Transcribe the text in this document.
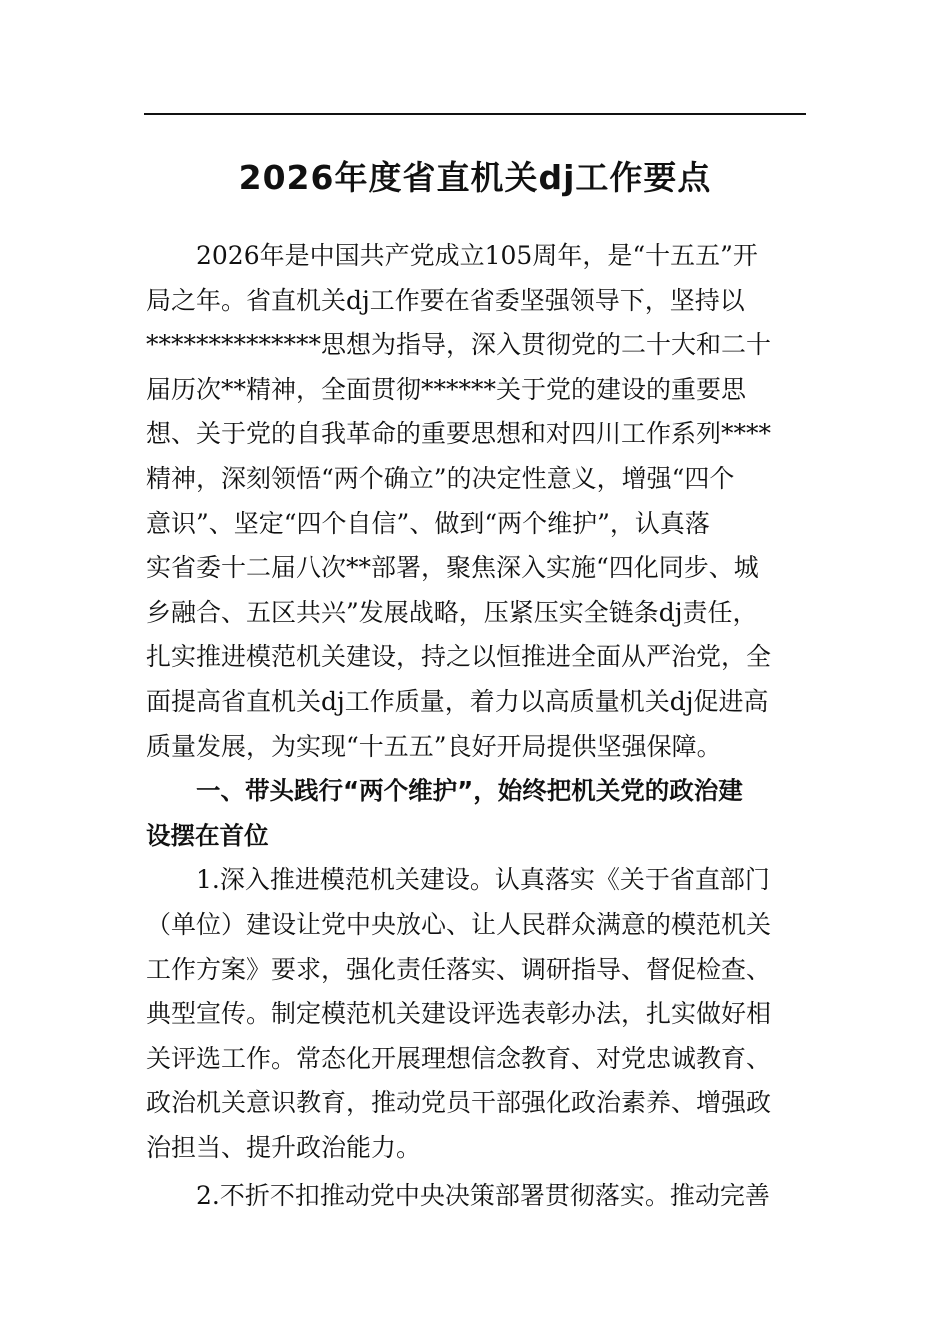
2026年度省直机关dj工作要点
2026年是中国共产党成立105周年，是“十五五”开
局之年。省直机关dj工作要在省委坚强领导下，坚持以
**************思想为指导，深入贯彻党的二十大和二十
届历次**精神，全面贯彻******关于党的建设的重要思
想、关于党的自我革命的重要思想和对四川工作系列****
精神，深刻领悟“两个确立”的决定性意义，增强“四个
意识”、坚定“四个自信”、做到“两个维护”，认真落
实省委十二届八次**部署，聚焦深入实施“四化同步、城
乡融合、五区共兴”发展战略，压紧压实全链条dj责任，
扎实推进模范机关建设，持之以恒推进全面从严治党，全
面提高省直机关dj工作质量，着力以高质量机关dj促进高
质量发展，为实现“十五五”良好开局提供坚强保障。
一、带头践行“两个维护”，始终把机关党的政治建
设摆在首位
1.深入推进模范机关建设。认真落实《关于省直部门
（单位）建设让党中央放心、让人民群众满意的模范机关
工作方案》要求，强化责任落实、调研指导、督促检查、
典型宣传。制定模范机关建设评选表彰办法，扎实做好相
关评选工作。常态化开展理想信念教育、对党忠诚教育、
政治机关意识教育，推动党员干部强化政治素养、增强政
治担当、提升政治能力。
2.不折不扣推动党中央决策部署贯彻落实。推动完善
